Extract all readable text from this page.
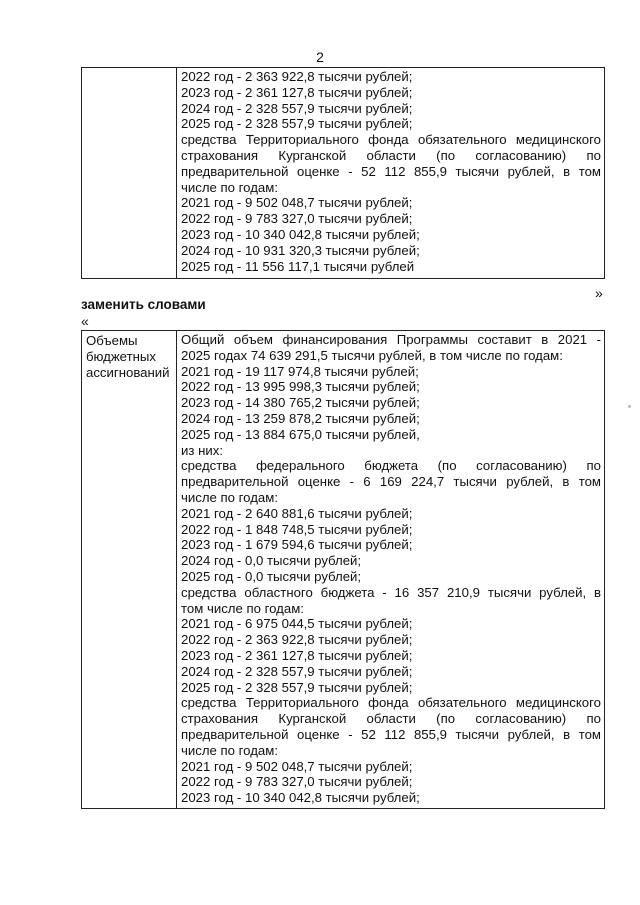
2
2022 год - 2 363 922,8 тысячи рублей;
2023 год - 2 361 127,8 тысячи рублей;
2024 год - 2 328 557,9 тысячи рублей;
2025 год - 2 328 557,9 тысячи рублей;
средства Территориального фонда обязательного медицинского
страхования Курганской области (по согласованию) по
предварительной оценке - 52 112 855,9 тысячи рублей, в том
числе по годам:
2021 год - 9 502 048,7 тысячи рублей;
2022 год - 9 783 327,0 тысячи рублей;
2023 год - 10 340 042,8 тысячи рублей;
2024 год - 10 931 320,3 тысячи рублей;
2025 год - 11 556 117,1 тысячи рублей
»
заменить словами
«
Объемы бюджетных ассигнований
Общий объем финансирования Программы составит в 2021 -
2025 годах 74 639 291,5 тысячи рублей, в том числе по годам:
2021 год - 19 117 974,8 тысячи рублей;
2022 год - 13 995 998,3 тысячи рублей;
2023 год - 14 380 765,2 тысячи рублей;
2024 год - 13 259 878,2 тысячи рублей;
2025 год - 13 884 675,0 тысячи рублей,
из них:
средства федерального бюджета (по согласованию) по
предварительной оценке - 6 169 224,7 тысячи рублей, в том
числе по годам:
2021 год - 2 640 881,6 тысячи рублей;
2022 год - 1 848 748,5 тысячи рублей;
2023 год - 1 679 594,6 тысячи рублей;
2024 год - 0,0 тысячи рублей;
2025 год - 0,0 тысячи рублей;
средства областного бюджета - 16 357 210,9 тысячи рублей, в
том числе по годам:
2021 год - 6 975 044,5 тысячи рублей;
2022 год - 2 363 922,8 тысячи рублей;
2023 год - 2 361 127,8 тысячи рублей;
2024 год - 2 328 557,9 тысячи рублей;
2025 год - 2 328 557,9 тысячи рублей;
средства Территориального фонда обязательного медицинского
страхования Курганской области (по согласованию) по
предварительной оценке - 52 112 855,9 тысячи рублей, в том
числе по годам:
2021 год - 9 502 048,7 тысячи рублей;
2022 год - 9 783 327,0 тысячи рублей;
2023 год - 10 340 042,8 тысячи рублей;
